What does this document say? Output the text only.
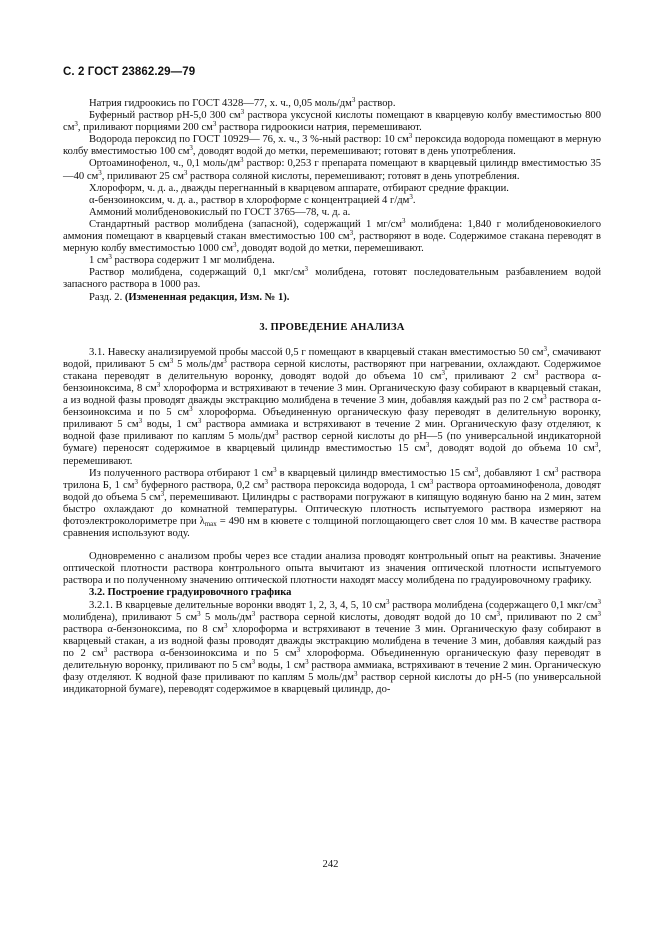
С. 2 ГОСТ 23862.29—79

Натрия гидроокись по ГОСТ 4328—77, х. ч., 0,05 моль/$дм^3$ раствор.

Буферный раствор pH-5,0 300 $см^3$ раствора уксусной кислоты помещают в кварцевую колбу вместимостью 800 $см^3$, приливают порциями 200 $см^3$ раствора гидроокиси натрия, перемешивают.

Водорода пероксид по ГОСТ 10929— 76, х. ч., 3 %-ный раствор: 10 $см^3$ пероксида водорода помещают в мерную колбу вместимостью 100 $см^3$, доводят водой до метки, перемешивают; готовят в день употребления.

Ортоаминофенол, ч., 0,1 моль/$дм^3$ раствор: 0,253 г препарата помещают в кварцевый цилиндр вместимостью 35—40 $см^3$, приливают 25 $см^3$ раствора соляной кислоты, перемешивают; готовят в день употребления.

Хлороформ, ч. д. а., дважды перегнанный в кварцевом аппарате, отбирают средние фракции.

α-бензоиноксим, ч. д. а., раствор в хлороформе с концентрацией 4 $г/дм^3$.

Аммоний молибденовокислый по ГОСТ 3765—78, ч. д. а.

Стандартный раствор молибдена (запасной), содержащий 1 $мг/см^3$ молибдена: 1,840 г молибденовокиелого аммония помещают в кварцевый стакан вместимостью 100 $см^3$, растворяют в воде. Содержимое стакана переводят в мерную колбу вместимостью 1000 $см^3$, доводят водой до метки, перемешивают.

1 $см^3$ раствора содержит 1 мг молибдена.

Раствор молибдена, содержащий 0,1 мкг/$см^3$ молибдена, готовят последовательным разбавлением водой запасного раствора в 1000 раз.

Разд. 2. (Измененная редакция, Изм. № 1).

3. ПРОВЕДЕНИЕ АНАЛИЗА

3.1. Навеску анализируемой пробы массой 0,5 г помещают в кварцевый стакан вместимостью 50 $см^3$, смачивают водой, приливают 5 $см^3$ 5 моль/$дм^3$ раствора серной кислоты, растворяют при нагревании, охлаждают. Содержимое стакана переводят в делительную воронку, доводят водой до объема 10 $см^3$, приливают 2 $см^3$ раствора α-бензоиноксима, 8 $см^3$ хлороформа и встряхивают в течение 3 мин. Органическую фазу собирают в кварцевый стакан, а из водной фазы проводят дважды экстракцию молибдена в течение 3 мин, добавляя каждый раз по 2 $см^3$ раствора α-бензоиноксима и по 5 $см^3$ хлороформа. Объединенную органическую фазу переводят в делительную воронку, приливают 5 $см^3$ воды, 1 $см^3$ раствора аммиака и встряхивают в течение 2 мин. Органическую фазу отделяют, к водной фазе приливают по каплям 5 моль/$дм^3$ раствор серной кислоты до pH—5 (по универсальной индикаторной бумаге) переносят содержимое в кварцевый цилиндр вместимостью 15 $см^3$, доводят водой до объема 10 $см^3$, перемешивают.

Из полученного раствора отбирают 1 $см^3$ в кварцевый цилиндр вместимостью 15 $см^3$, добавляют 1 $см^3$ раствора трилона Б, 1 $см^3$ буферного раствора, 0,2 $см^3$ раствора пероксида водорода, 1 $см^3$ раствора ортоаминофенола, доводят водой до объема 5 $см^3$, перемешивают. Цилиндры с растворами погружают в кипящую водяную баню на 2 мин, затем быстро охлаждают до комнатной температуры. Оптическую плотность испытуемого раствора измеряют на фотоэлектроколориметре при $\lambda_{max} = 490$ нм в кювете с толщиной поглощающего свет слоя 10 мм. В качестве раствора сравнения используют воду.

Одновременно с анализом пробы через все стадии анализа проводят контрольный опыт на реактивы. Значение оптической плотности раствора контрольного опыта вычитают из значения оптической плотности испытуемого раствора и по полученному значению оптической плотности находят массу молибдена по градуировочному графику.

3.2. Построение градуировочного графика

3.2.1. В кварцевые делительные воронки вводят 1, 2, 3, 4, 5, 10 $см^3$ раствора молибдена (содержащего 0,1 мкг/$см^3$ молибдена), приливают 5 $см^3$ 5 моль/$дм^3$ раствора серной кислоты, доводят водой до 10 $см^3$, приливают по 2 $см^3$ раствора α-бензоноксима, по 8 $см^3$ хлороформа и встряхивают в течение 3 мин. Органическую фазу собирают в кварцевый стакан, а из водной фазы проводят дважды экстракцию молибдена в течение 3 мин, добавляя каждый раз по 2 $см^3$ раствора α-бензоиноксима и по 5 $см^3$ хлороформа. Объединенную органическую фазу переводят в делительную воронку, приливают по 5 $см^3$ воды, 1 $см^3$ раствора аммиака, встряхивают в течение 2 мин. Органическую фазу отделяют. К водной фазе приливают по каплям 5 моль/$дм^3$ раствор серной кислоты до pH-5 (по универсальной индикаторной бумаге), переводят содержимое в кварцевый цилиндр, до-

242
